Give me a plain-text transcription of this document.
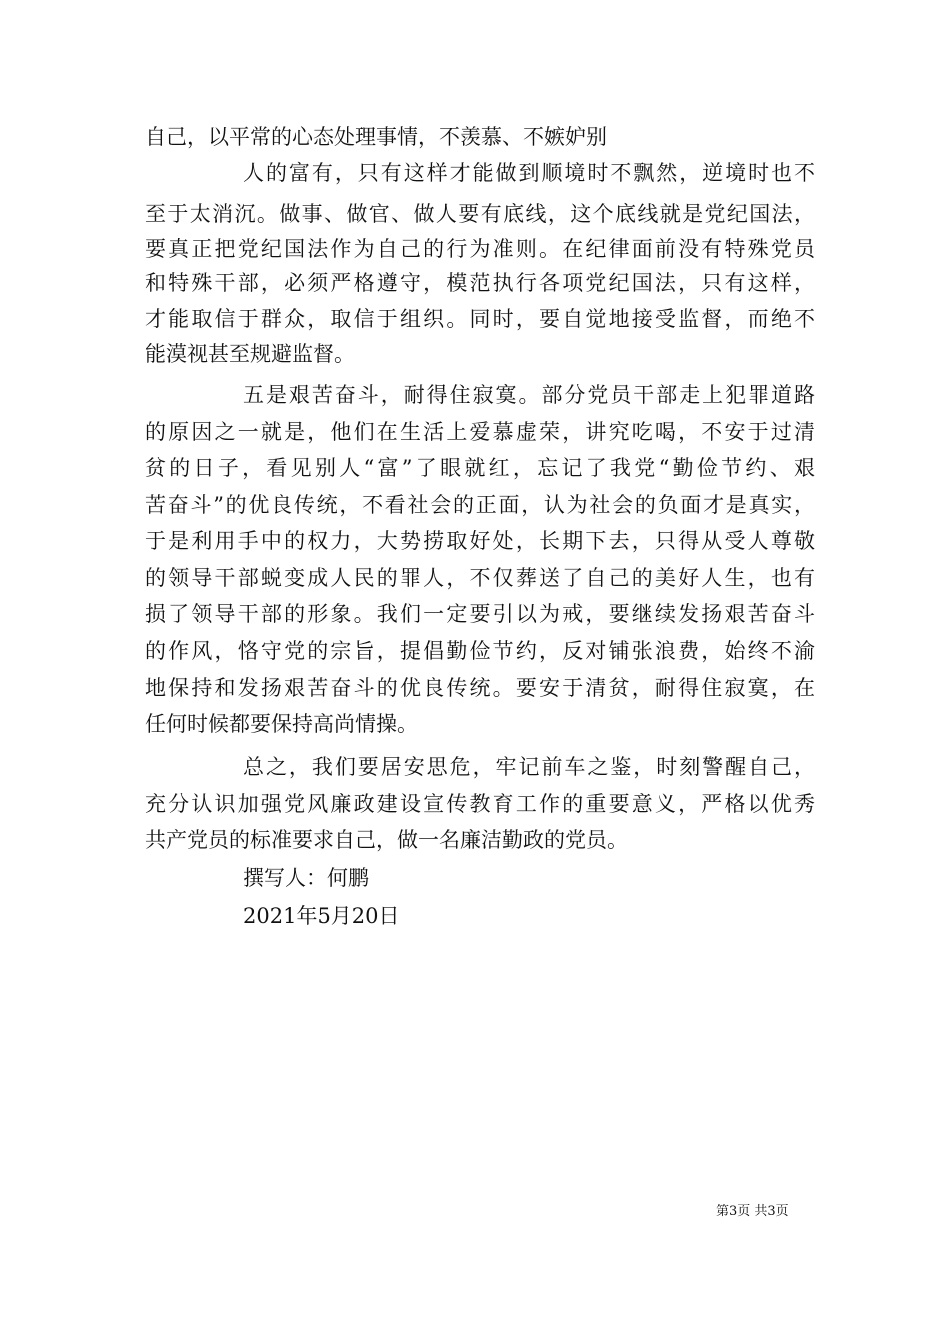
自己，以平常的心态处理事情，不羡慕、不嫉妒别
人的富有，只有这样才能做到顺境时不飘然，逆境时也不
至于太消沉。做事、做官、做人要有底线，这个底线就是党纪国法，
要真正把党纪国法作为自己的行为准则。在纪律面前没有特殊党员
和特殊干部，必须严格遵守，模范执行各项党纪国法，只有这样，
才能取信于群众，取信于组织。同时，要自觉地接受监督，而绝不
能漠视甚至规避监督。
五是艰苦奋斗，耐得住寂寞。部分党员干部走上犯罪道路
的原因之一就是，他们在生活上爱慕虚荣，讲究吃喝，不安于过清
贫的日子，看见别人“富”了眼就红，忘记了我党“勤俭节约、艰
苦奋斗”的优良传统，不看社会的正面，认为社会的负面才是真实，
于是利用手中的权力，大势捞取好处，长期下去，只得从受人尊敬
的领导干部蜕变成人民的罪人，不仅葬送了自己的美好人生，也有
损了领导干部的形象。我们一定要引以为戒，要继续发扬艰苦奋斗
的作风，恪守党的宗旨，提倡勤俭节约，反对铺张浪费，始终不渝
地保持和发扬艰苦奋斗的优良传统。要安于清贫，耐得住寂寞，在
任何时候都要保持高尚情操。
总之，我们要居安思危，牢记前车之鉴，时刻警醒自己，
充分认识加强党风廉政建设宣传教育工作的重要意义，严格以优秀
共产党员的标准要求自己，做一名廉洁勤政的党员。
撰写人：何鹏
2021年5月20日
第3页 共3页
